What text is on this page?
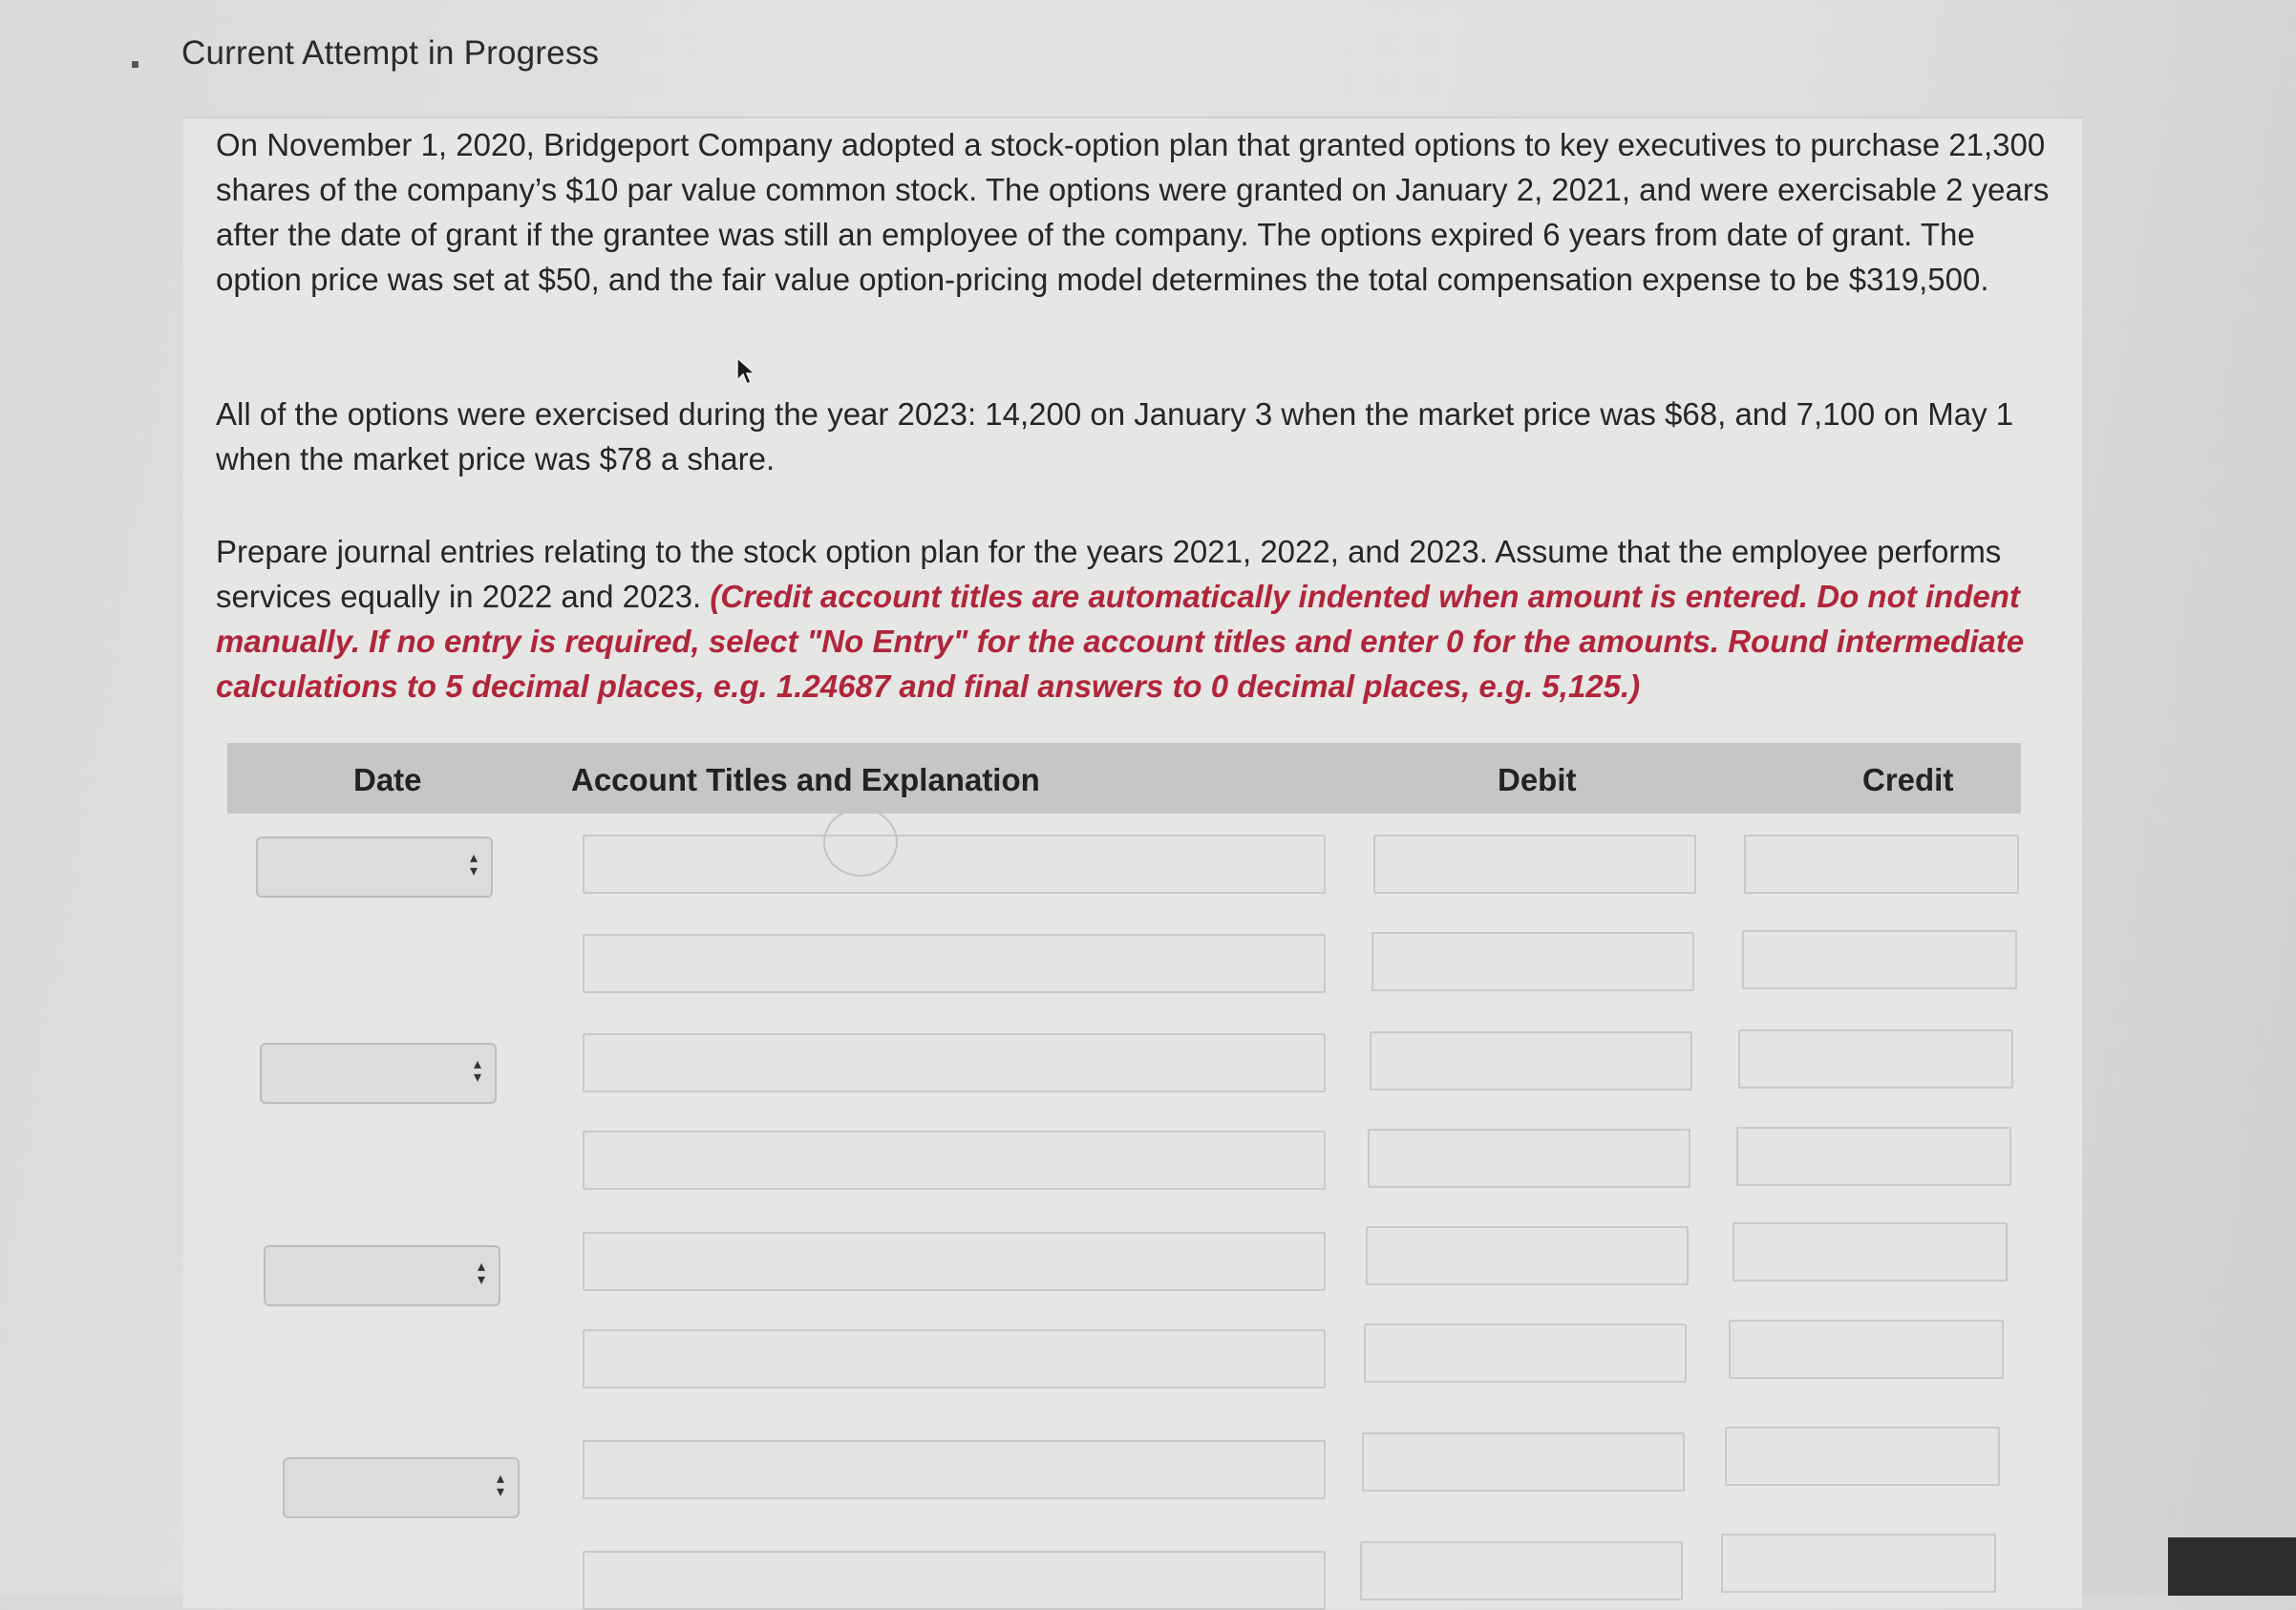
Current Attempt in Progress

On November 1, 2020, Bridgeport Company adopted a stock-option plan that granted options to key executives to purchase 21,300 shares of the company’s $10 par value common stock. The options were granted on January 2, 2021, and were exercisable 2 years after the date of grant if the grantee was still an employee of the company. The options expired 6 years from date of grant. The option price was set at $50, and the fair value option-pricing model determines the total compensation expense to be $319,500.

All of the options were exercised during the year 2023: 14,200 on January 3 when the market price was $68, and 7,100 on May 1 when the market price was $78 a share.

Prepare journal entries relating to the stock option plan for the years 2021, 2022, and 2023. Assume that the employee performs services equally in 2022 and 2023. (Credit account titles are automatically indented when amount is entered. Do not indent manually. If no entry is required, select "No Entry" for the account titles and enter 0 for the amounts. Round intermediate calculations to 5 decimal places, e.g. 1.24687 and final answers to 0 decimal places, e.g. 5,125.)

Date	Account Titles and Explanation	Debit	Credit
▴
▾
▴
▾
▴
▾
▴
▾
